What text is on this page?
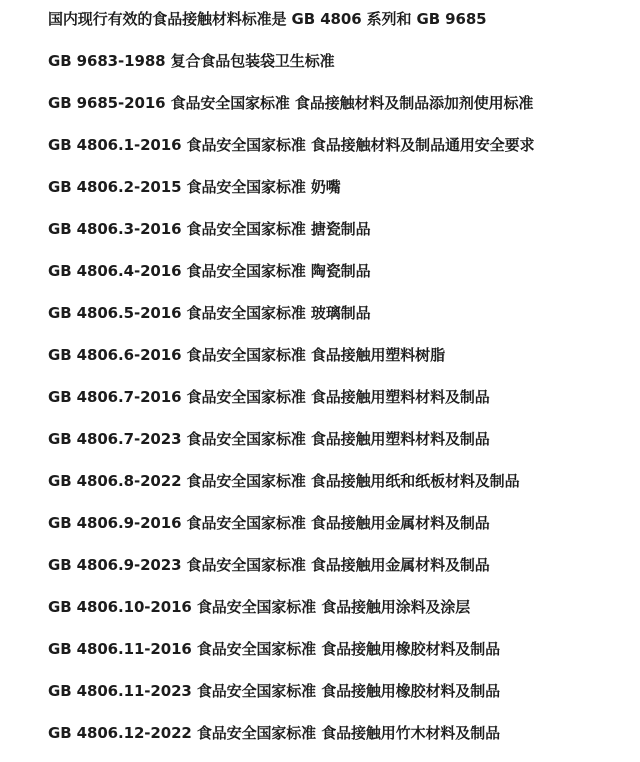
国内现行有效的食品接触材料标准是 GB 4806 系列和 GB 9685
GB 9683-1988 复合食品包装袋卫生标准
GB 9685-2016 食品安全国家标准 食品接触材料及制品添加剂使用标准
GB 4806.1-2016 食品安全国家标准 食品接触材料及制品通用安全要求
GB 4806.2-2015 食品安全国家标准 奶嘴
GB 4806.3-2016 食品安全国家标准 搪瓷制品
GB 4806.4-2016 食品安全国家标准 陶瓷制品
GB 4806.5-2016 食品安全国家标准 玻璃制品
GB 4806.6-2016 食品安全国家标准 食品接触用塑料树脂
GB 4806.7-2016 食品安全国家标准 食品接触用塑料材料及制品
GB 4806.7-2023 食品安全国家标准 食品接触用塑料材料及制品
GB 4806.8-2022 食品安全国家标准 食品接触用纸和纸板材料及制品
GB 4806.9-2016 食品安全国家标准 食品接触用金属材料及制品
GB 4806.9-2023 食品安全国家标准 食品接触用金属材料及制品
GB 4806.10-2016 食品安全国家标准 食品接触用涂料及涂层
GB 4806.11-2016 食品安全国家标准 食品接触用橡胶材料及制品
GB 4806.11-2023 食品安全国家标准 食品接触用橡胶材料及制品
GB 4806.12-2022 食品安全国家标准 食品接触用竹木材料及制品
